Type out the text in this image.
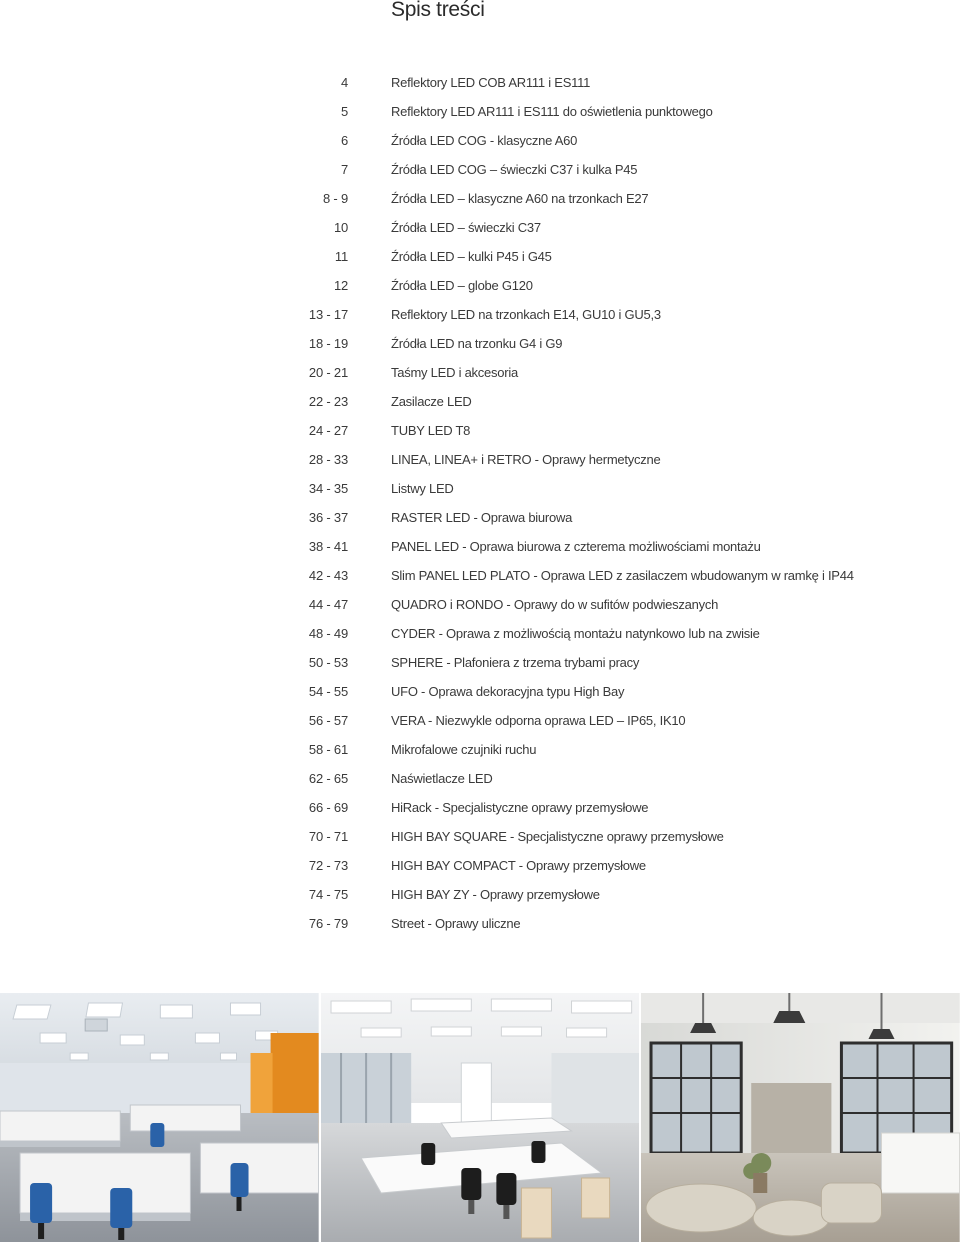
Spis treści
4	Reflektory LED COB AR111 i ES111
5	Reflektory LED AR111 i ES111 do oświetlenia punktowego
6	Źródła LED COG - klasyczne A60
7	Źródła LED COG – świeczki C37 i kulka P45
8 - 9	Źródła LED – klasyczne A60 na trzonkach E27
10	Źródła LED – świeczki C37
11	Źródła LED – kulki P45 i G45
12	Źródła LED – globe G120
13 - 17	Reflektory LED na trzonkach E14, GU10 i GU5,3
18 - 19	Źródła LED na trzonku G4 i G9
20 - 21	Taśmy LED i akcesoria
22 - 23	Zasilacze LED
24 - 27	TUBY LED T8
28 - 33	LINEA, LINEA+ i RETRO - Oprawy hermetyczne
34 - 35	Listwy LED
36 - 37	RASTER LED - Oprawa biurowa
38 - 41	PANEL LED - Oprawa biurowa z czterema możliwościami montażu
42 - 43	Slim PANEL LED PLATO - Oprawa LED z zasilaczem wbudowanym w ramkę i IP44
44 - 47	QUADRO i RONDO - Oprawy do w sufitów podwieszanych
48 - 49	CYDER - Oprawa z możliwością montażu natynkowo lub na zwisie
50 - 53	SPHERE - Plafoniera z trzema trybami pracy
54 - 55	UFO - Oprawa dekoracyjna typu High Bay
56 - 57	VERA - Niezwykle odporna oprawa LED – IP65, IK10
58 - 61	Mikrofalowe czujniki ruchu
62 - 65	Naświetlacze LED
66 - 69	HiRack - Specjalistyczne oprawy przemysłowe
70 - 71	HIGH BAY SQUARE - Specjalistyczne oprawy przemysłowe
72 - 73	HIGH BAY COMPACT - Oprawy przemysłowe
74 - 75	HIGH BAY ZY - Oprawy przemysłowe
76 - 79	Street - Oprawy uliczne
